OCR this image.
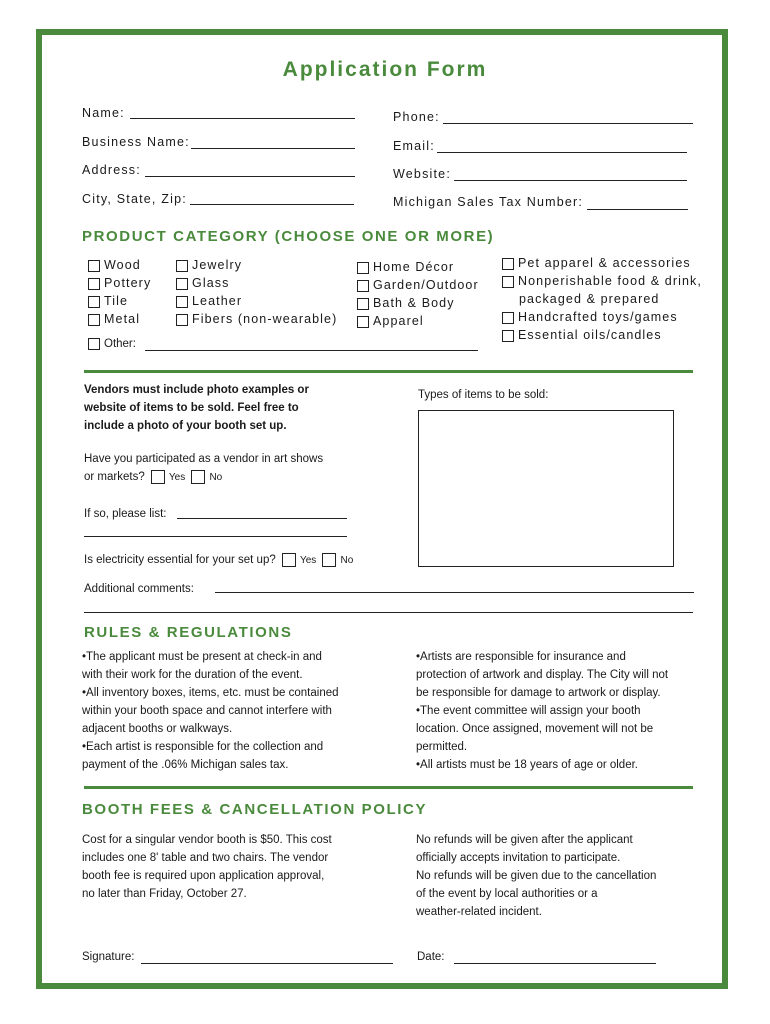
Application Form
Name:
Business Name:
Address:
City, State, Zip:
Phone:
Email:
Website:
Michigan Sales Tax Number:
PRODUCT CATEGORY (CHOOSE ONE OR MORE)
Wood
Pottery
Tile
Metal
Jewelry
Glass
Leather
Fibers (non-wearable)
Home Décor
Garden/Outdoor
Bath & Body
Apparel
Pet apparel & accessories
Nonperishable food & drink,
packaged & prepared
Handcrafted toys/games
Essential oils/candles
Other:
Vendors must include photo examples or
website of items to be sold. Feel free to
include a photo of your booth set up.
Have you participated as a vendor in art shows
or markets? Yes No
If so, please list:
Is electricity essential for your set up? Yes No
Types of items to be sold:
Additional comments:
RULES & REGULATIONS
•The applicant must be present at check-in and
with their work for the duration of the event.
•All inventory boxes, items, etc. must be contained
within your booth space and cannot interfere with
adjacent booths or walkways.
•Each artist is responsible for the collection and
payment of the .06% Michigan sales tax.
•Artists are responsible for insurance and
protection of artwork and display. The City will not
be responsible for damage to artwork or display.
•The event committee will assign your booth
location. Once assigned, movement will not be
permitted.
•All artists must be 18 years of age or older.
BOOTH FEES & CANCELLATION POLICY
Cost for a singular vendor booth is $50. This cost
includes one 8' table and two chairs. The vendor
booth fee is required upon application approval,
no later than Friday, October 27.
No refunds will be given after the applicant
officially accepts invitation to participate.
No refunds will be given due to the cancellation
of the event by local authorities or a
weather-related incident.
Signature:	Date:
